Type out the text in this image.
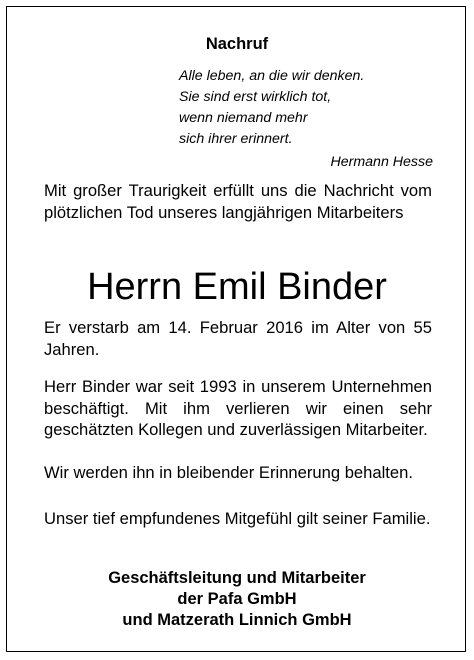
Nachruf
Alle leben, an die wir denken.
Sie sind erst wirklich tot,
wenn niemand mehr
sich ihrer erinnert.
Hermann Hesse
Mit großer Traurigkeit erfüllt uns die Nachricht vom plötzlichen Tod unseres langjährigen Mitarbeiters
Herrn Emil Binder
Er verstarb am 14. Februar 2016 im Alter von 55 Jahren.
Herr Binder war seit 1993 in unserem Unternehmen beschäftigt. Mit ihm verlieren wir einen sehr geschätzten Kollegen und zuverlässigen Mitarbeiter.
Wir werden ihn in bleibender Erinnerung behalten.
Unser tief empfundenes Mitgefühl gilt seiner Familie.
Geschäftsleitung und Mitarbeiter
der Pafa GmbH
und Matzerath Linnich GmbH
